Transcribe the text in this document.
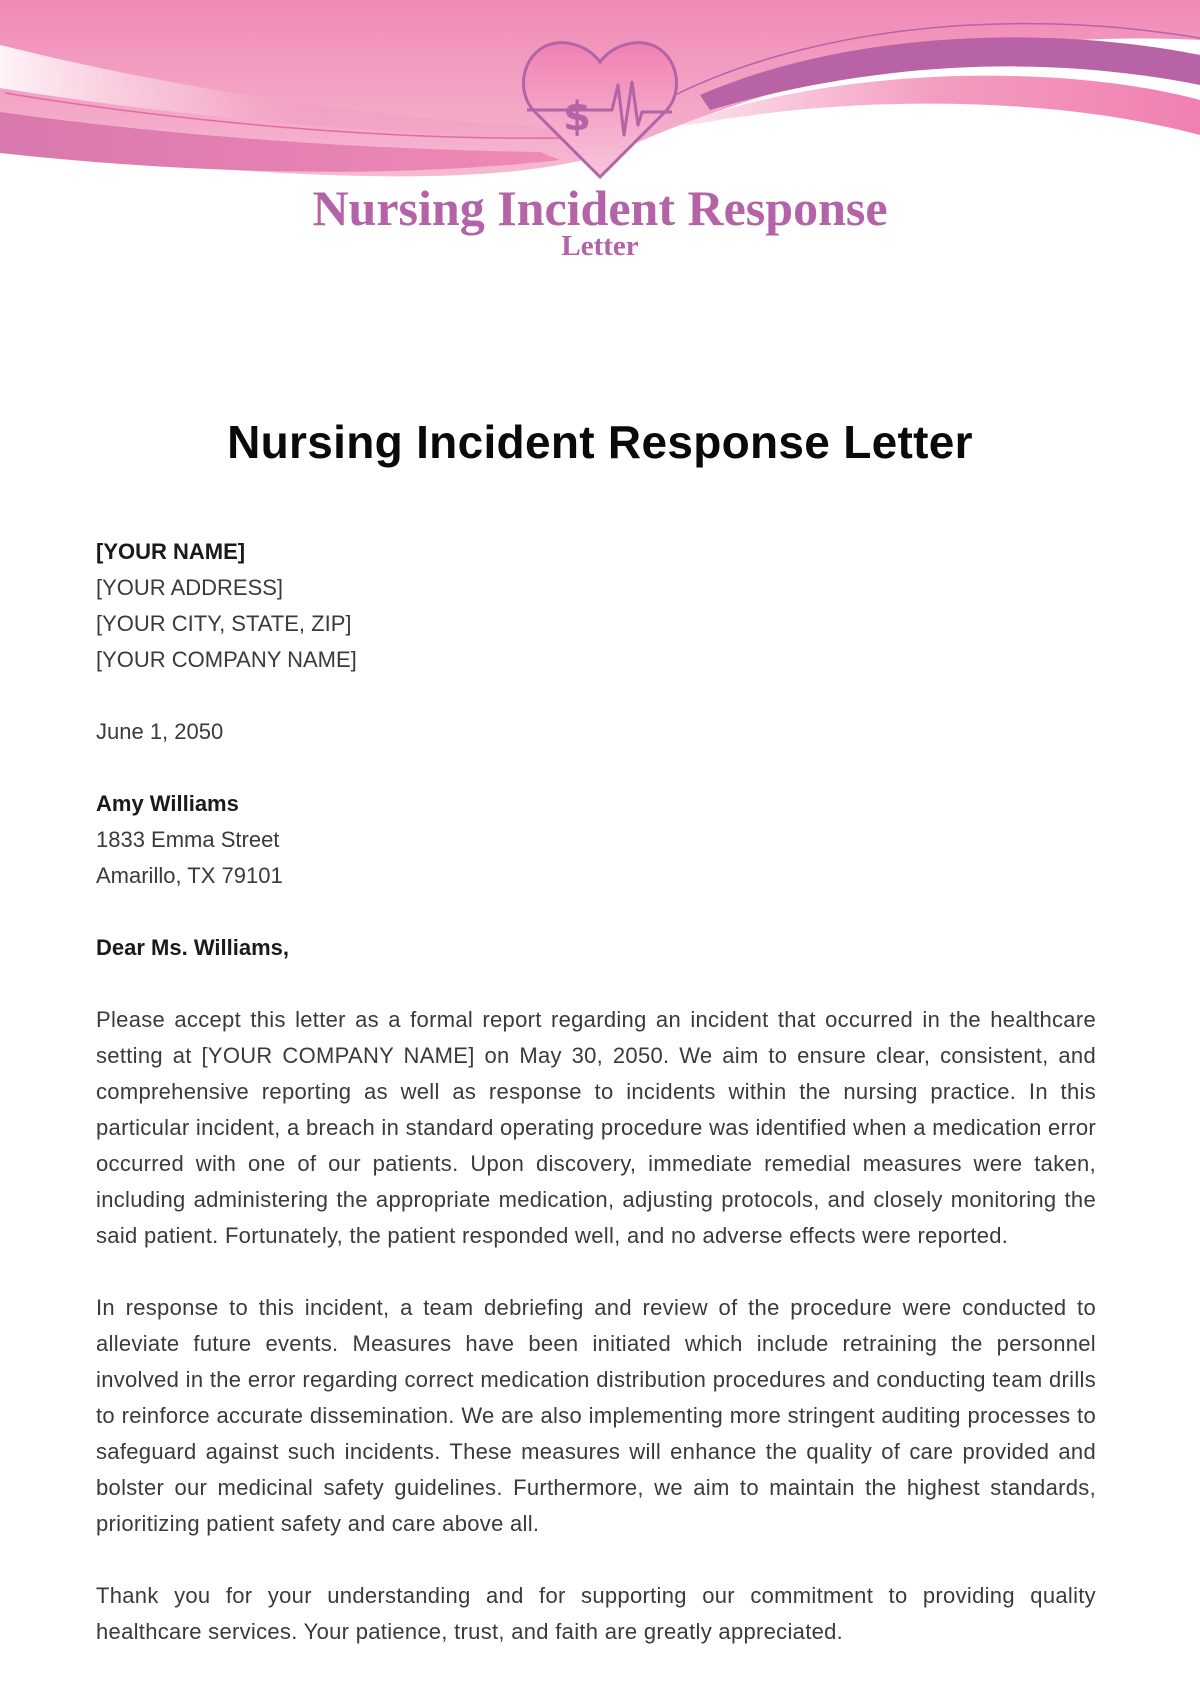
$
Nursing Incident Response
Letter
Nursing Incident Response Letter
[YOUR NAME]
[YOUR ADDRESS]
[YOUR CITY, STATE, ZIP]
[YOUR COMPANY NAME]
June 1, 2050
Amy Williams
1833 Emma Street
Amarillo, TX 79101
Dear Ms. Williams,

Please accept this letter as a formal report regarding an incident that occurred in the healthcare setting at [YOUR COMPANY NAME] on May 30, 2050. We aim to ensure clear, consistent, and comprehensive reporting as well as response to incidents within the nursing practice. In this particular incident, a breach in standard operating procedure was identified when a medication error occurred with one of our patients. Upon discovery, immediate remedial measures were taken, including administering the appropriate medication, adjusting protocols, and closely monitoring the said patient. Fortunately, the patient responded well, and no adverse effects were reported.

In response to this incident, a team debriefing and review of the procedure were conducted to alleviate future events. Measures have been initiated which include retraining the personnel involved in the error regarding correct medication distribution procedures and conducting team drills to reinforce accurate dissemination. We are also implementing more stringent auditing processes to safeguard against such incidents. These measures will enhance the quality of care provided and bolster our medicinal safety guidelines. Furthermore, we aim to maintain the highest standards, prioritizing patient safety and care above all.

Thank you for your understanding and for supporting our commitment to providing quality healthcare services. Your patience, trust, and faith are greatly appreciated.
